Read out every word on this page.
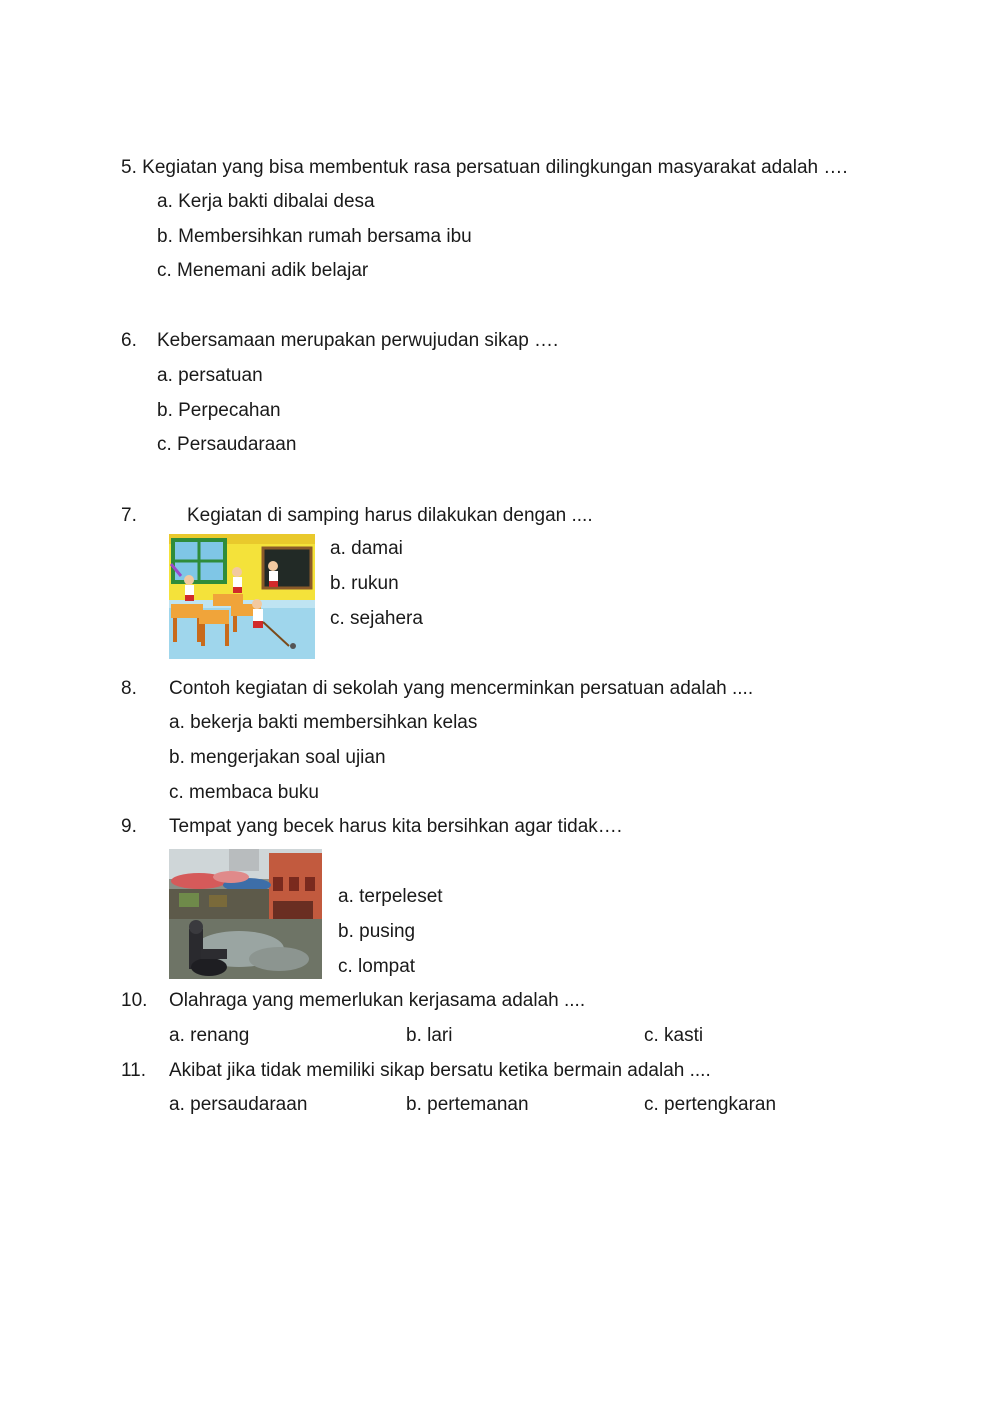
5. Kegiatan yang bisa membentuk rasa persatuan dilingkungan masyarakat adalah ….
a. Kerja bakti dibalai desa
b. Membersihkan rumah bersama ibu
c. Menemani adik belajar
6. Kebersamaan merupakan perwujudan sikap ….
a. persatuan
b. Perpecahan
c. Persaudaraan
7.	Kegiatan di samping harus dilakukan dengan ....
a. damai
b. rukun
c. sejahera
8. Contoh kegiatan di sekolah yang mencerminkan persatuan adalah ....
a. bekerja bakti membersihkan kelas
b. mengerjakan soal ujian
c. membaca buku
9. Tempat yang becek harus kita bersihkan agar tidak….
a. terpeleset
b. pusing
c. lompat
10. Olahraga yang memerlukan kerjasama adalah ....
a. renang	b. lari	c. kasti
11. Akibat jika tidak memiliki sikap bersatu ketika bermain adalah ....
a. persaudaraan	b. pertemanan	c. pertengkaran
